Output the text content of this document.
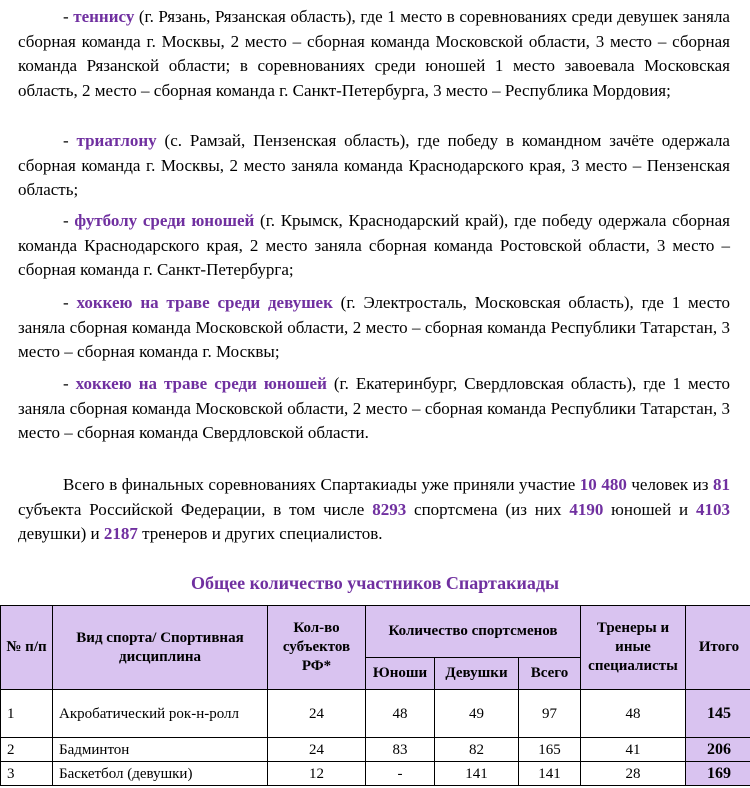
- теннису (г. Рязань, Рязанская область), где 1 место в соревнованиях среди девушек заняла сборная команда г. Москвы, 2 место – сборная команда Московской области, 3 место – сборная команда Рязанской области; в соревнованиях среди юношей 1 место завоевала Московская область, 2 место – сборная команда г. Санкт-Петербурга, 3 место – Республика Мордовия;

- триатлону (с. Рамзай, Пензенская область), где победу в командном зачёте одержала сборная команда г. Москвы, 2 место заняла команда Краснодарского края, 3 место – Пензенская область;

- футболу среди юношей (г. Крымск, Краснодарский край), где победу одержала сборная команда Краснодарского края, 2 место заняла сборная команда Ростовской области, 3 место – сборная команда г. Санкт-Петербурга;

- хоккею на траве среди девушек (г. Электросталь, Московская область), где 1 место заняла сборная команда Московской области, 2 место – сборная команда Республики Татарстан, 3 место – сборная команда г. Москвы;

- хоккею на траве среди юношей (г. Екатеринбург, Свердловская область), где 1 место заняла сборная команда Московской области, 2 место – сборная команда Республики Татарстан, 3 место – сборная команда Свердловской области.

Всего в финальных соревнованиях Спартакиады уже приняли участие 10 480 человек из 81 субъекта Российской Федерации, в том числе 8293 спортсмена (из них 4190 юношей и 4103 девушки) и 2187 тренеров и других специалистов.

Общее количество участников Спартакиады
№ п/п	Вид спорта/ Спортивная дисциплина	Кол-во субъектов РФ*	Количество спортсменов			Тренеры и иные специалисты	Итого
			Юноши	Девушки	Всего		
1	Акробатический рок-н-ролл	24	48	49	97	48	145
2	Бадминтон	24	83	82	165	41	206
3	Баскетбол (девушки)	12	-	141	141	28	169
